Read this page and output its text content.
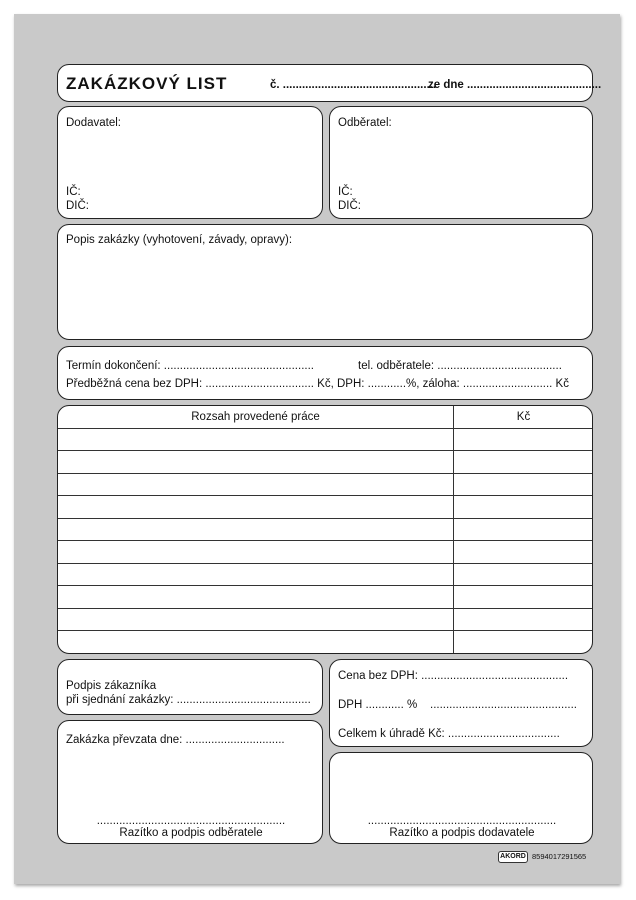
ZAKÁZKOVÝ LIST	č. ................................................
ze dne ..........................................
Dodavatel:
IČ:
DIČ:
Odběratel:
IČ:
DIČ:
Popis zakázky (vyhotovení, závady, opravy):
Termín dokončení: ...............................................	tel. odběratele: .......................................
Předběžná cena bez DPH: .................................. Kč, DPH: ............%, záloha: ............................ Kč
Rozsah provedené práce	Kč
Podpis zákazníka
při sjednání zakázky: ..........................................
Cena bez DPH: ..............................................
DPH ............ % ..............................................
Celkem k úhradě Kč: ...................................
Zakázka převzata dne: ...............................
...........................................................
Razítko a podpis odběratele
...........................................................
Razítko a podpis dodavatele
AKORD 8594017291565
